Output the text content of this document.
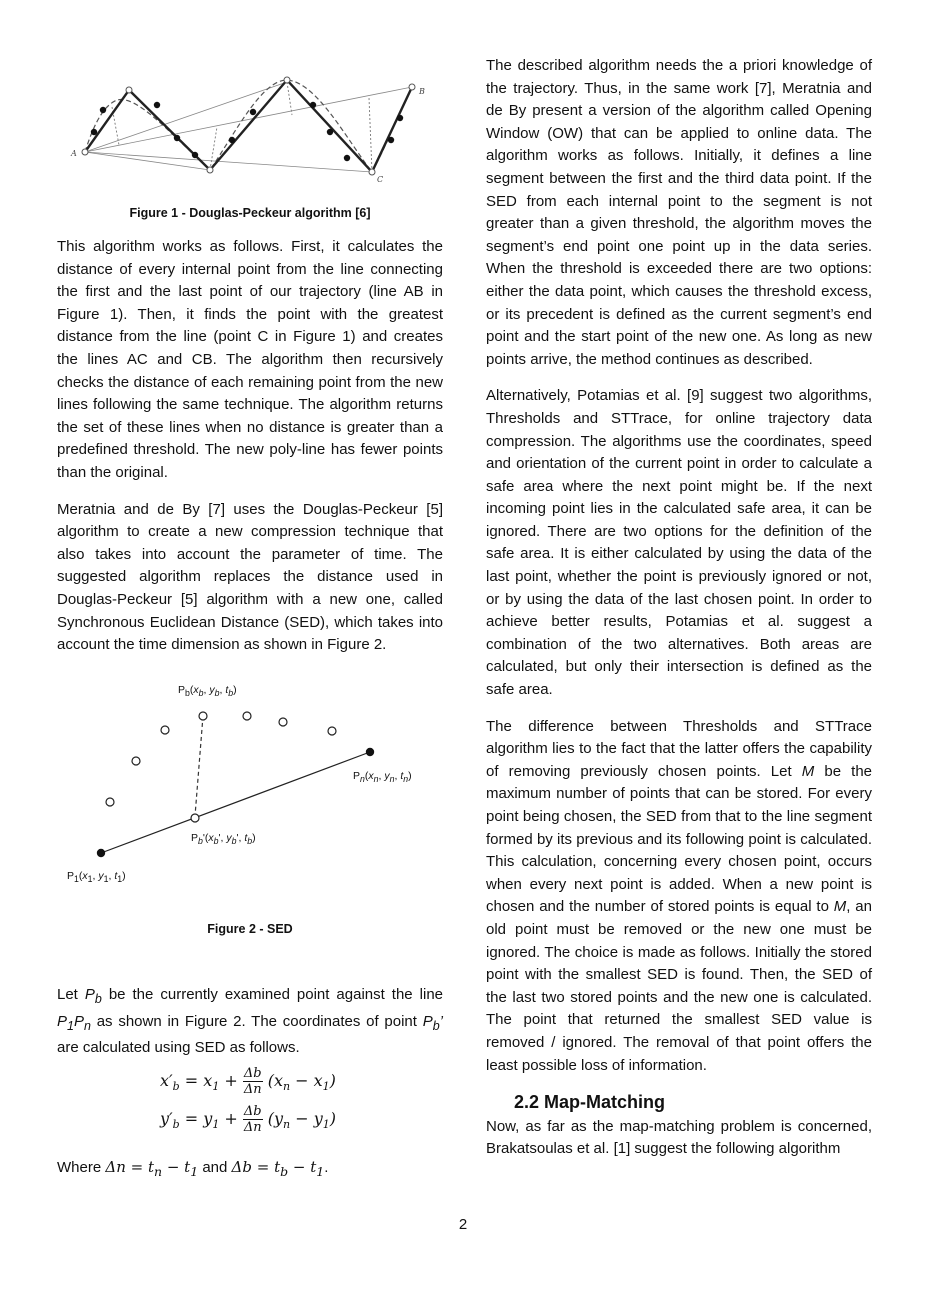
A
B
C
Figure 1 - Douglas-Peckeur algorithm [6]

This algorithm works as follows. First, it calculates the distance of every internal point from the line connecting the first and the last point of our trajectory (line AB in Figure 1). Then, it finds the point with the greatest distance from the line (point C in Figure 1) and creates the lines AC and CB. The algorithm then recursively checks the distance of each remaining point from the new lines following the same technique. The algorithm returns the set of these lines when no distance is greater than a predefined threshold. The new poly-line has fewer points than the original.

Meratnia and de By [7] uses the Douglas-Peckeur [5] algorithm to create a new compression technique that also takes into account the parameter of time. The suggested algorithm replaces the distance used in Douglas-Peckeur [5] algorithm with a new one, called Synchronous Euclidean Distance (SED), which takes into account the time dimension as shown in Figure 2.

$P_b(x_b$, $y_b$, $t_b$)
$P_b'(x_b'$, $y_b'$, $t_b$)
$P_n(x_n$, $y_n$, $t_n$)
$P_1(x_1$, $y_1$, $t_1$)
Figure 2 - SED

Let $P_b$ be the currently examined point against the line $P_1P_n$ as shown in Figure 2. The coordinates of point $P_b$’ are calculated using SED as follows.

$x'_b = x_1 + \frac{\Delta b}{\Delta n} (x_n - x_1)$
$y'_b = y_1 + \frac{\Delta b}{\Delta n} (y_n - y_1)$

Where $\Delta n = t_n - t_1$ and $\Delta b = t_b - t_1$.

The described algorithm needs the a priori knowledge of the trajectory. Thus, in the same work [7], Meratnia and de By present a version of the algorithm called Opening Window (OW) that can be applied to online data. The algorithm works as follows. Initially, it defines a line segment between the first and the third data point. If the SED from each internal point to the segment is not greater than a given threshold, the algorithm moves the segment’s end point one point up in the data series. When the threshold is exceeded there are two options: either the data point, which causes the threshold excess, or its precedent is defined as the current segment’s end point and the start point of the new one. As long as new points arrive, the method continues as described.

Alternatively, Potamias et al. [9] suggest two algorithms, Thresholds and STTrace, for online trajectory data compression. The algorithms use the coordinates, speed and orientation of the current point in order to calculate a safe area where the next point might be. If the next incoming point lies in the calculated safe area, it can be ignored. There are two options for the definition of the safe area. It is either calculated by using the data of the last point, whether the point is previously ignored or not, or by using the data of the last chosen point. In order to achieve better results, Potamias et al. suggest a combination of the two alternatives. Both areas are calculated, but only their intersection is defined as the safe area.

The difference between Thresholds and STTrace algorithm lies to the fact that the latter offers the capability of removing previously chosen points. Let M be the maximum number of points that can be stored. For every point being chosen, the SED from that to the line segment formed by its previous and its following point is calculated. This calculation, concerning every chosen point, occurs when every next point is added. When a new point is chosen and the number of stored points is equal to M, an old point must be removed or the new one must be ignored. The choice is made as follows. Initially the stored point with the smallest SED is found. Then, the SED of the last two stored points and the new one is calculated. The point that returned the smallest SED value is removed / ignored. The removal of that point offers the least possible loss of information.

2.2 Map-Matching

Now, as far as the map-matching problem is concerned, Brakatsoulas et al. [1] suggest the following algorithm

2
